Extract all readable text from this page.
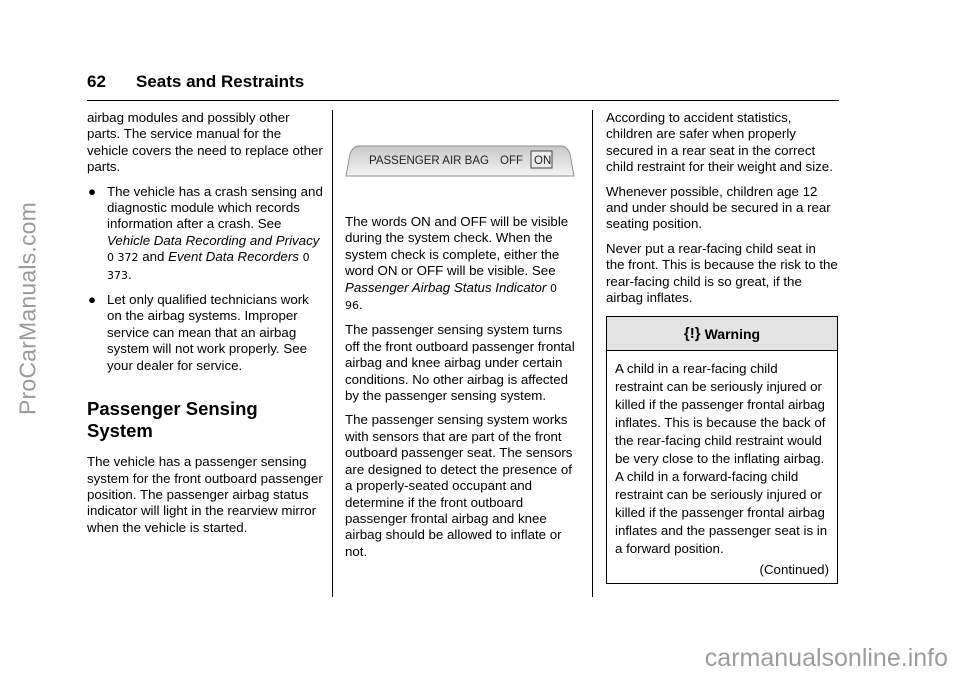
62 Seats and Restraints

airbag modules and possibly other parts. The service manual for the vehicle covers the need to replace other parts.

● The vehicle has a crash sensing and diagnostic module which records information after a crash. See Vehicle Data Recording and Privacy 0 372 and Event Data Recorders 0 373.
● Let only qualified technicians work on the airbag systems. Improper service can mean that an airbag system will not work properly. See your dealer for service.
Passenger Sensing System

The vehicle has a passenger sensing system for the front outboard passenger position. The passenger airbag status indicator will light in the rearview mirror when the vehicle is started.

PASSENGER AIR BAG OFF ON

The words ON and OFF will be visible during the system check. When the system check is complete, either the word ON or OFF will be visible. See Passenger Airbag Status Indicator 0 96.

The passenger sensing system turns off the front outboard passenger frontal airbag and knee airbag under certain conditions. No other airbag is affected by the passenger sensing system.

The passenger sensing system works with sensors that are part of the front outboard passenger seat. The sensors are designed to detect the presence of a properly-seated occupant and determine if the front outboard passenger frontal airbag and knee airbag should be allowed to inflate or not.

According to accident statistics, children are safer when properly secured in a rear seat in the correct child restraint for their weight and size.

Whenever possible, children age 12 and under should be secured in a rear seating position.

Never put a rear-facing child seat in the front. This is because the risk to the rear-facing child is so great, if the airbag inflates.

{!} Warning
A child in a rear-facing child restraint can be seriously injured or killed if the passenger frontal airbag inflates. This is because the back of the rear-facing child restraint would be very close to the inflating airbag. A child in a forward-facing child restraint can be seriously injured or killed if the passenger frontal airbag inflates and the passenger seat is in a forward position.
(Continued)
ProCarManuals.com
carmanualsonline.info
